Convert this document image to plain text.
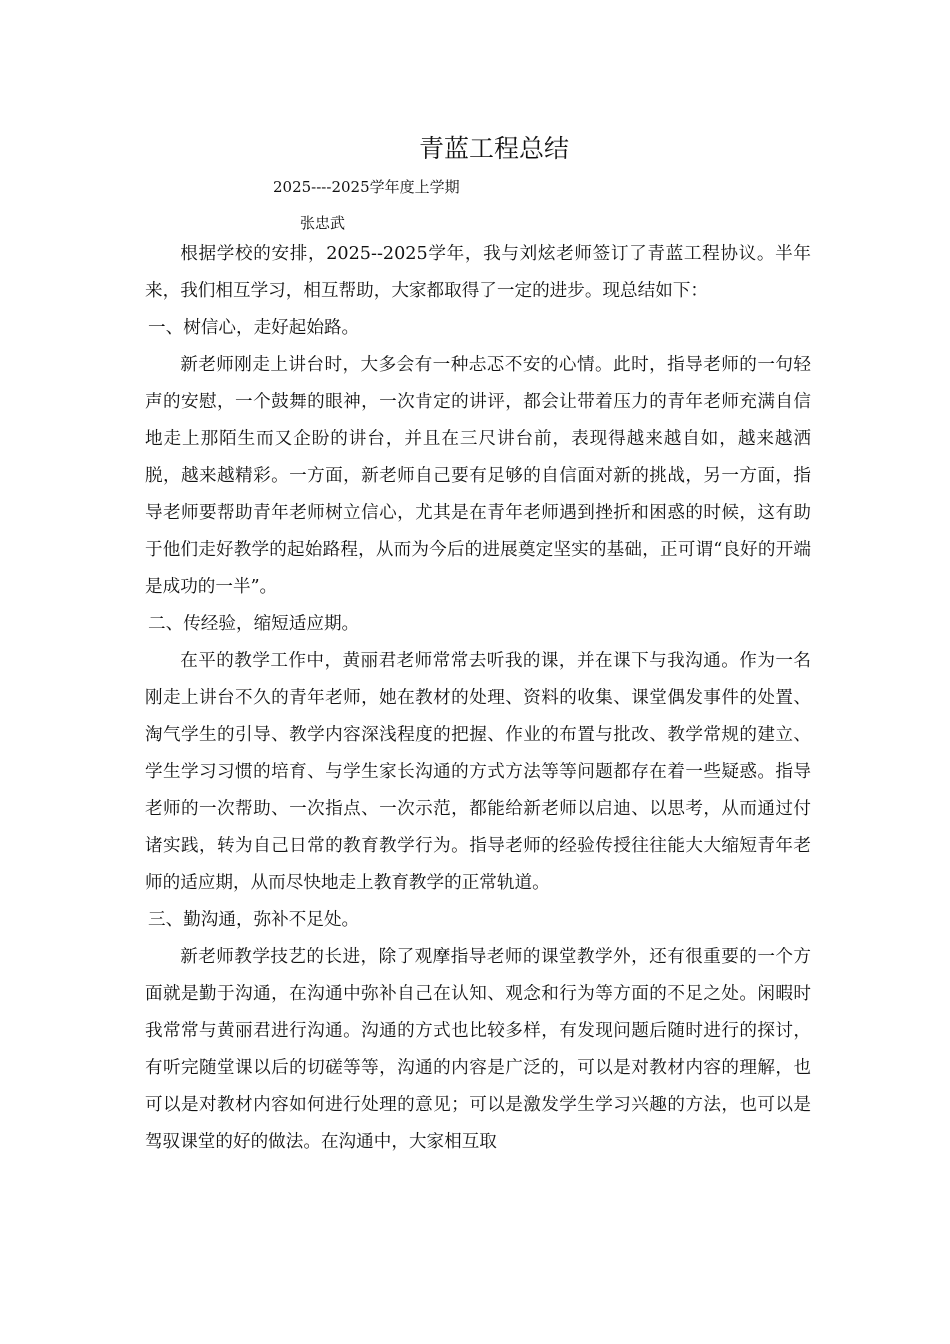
青蓝工程总结
2025----2025学年度上学期
张忠武

根据学校的安排，2025--2025学年，我与刘炫老师签订了青蓝工程协议。半年来，我们相互学习，相互帮助，大家都取得了一定的进步。现总结如下：

一、树信心，走好起始路。

新老师刚走上讲台时，大多会有一种忐忑不安的心情。此时，指导老师的一句轻声的安慰，一个鼓舞的眼神，一次肯定的讲评，都会让带着压力的青年老师充满自信地走上那陌生而又企盼的讲台，并且在三尺讲台前，表现得越来越自如，越来越洒脱，越来越精彩。一方面，新老师自己要有足够的自信面对新的挑战，另一方面，指导老师要帮助青年老师树立信心，尤其是在青年老师遇到挫折和困惑的时候，这有助于他们走好教学的起始路程，从而为今后的进展奠定坚实的基础，正可谓“良好的开端是成功的一半”。

二、传经验，缩短适应期。

在平的教学工作中，黄丽君老师常常去听我的课，并在课下与我沟通。作为一名刚走上讲台不久的青年老师，她在教材的处理、资料的收集、课堂偶发事件的处置、淘气学生的引导、教学内容深浅程度的把握、作业的布置与批改、教学常规的建立、学生学习习惯的培育、与学生家长沟通的方式方法等等问题都存在着一些疑惑。指导老师的一次帮助、一次指点、一次示范，都能给新老师以启迪、以思考，从而通过付诸实践，转为自己日常的教育教学行为。指导老师的经验传授往往能大大缩短青年老师的适应期，从而尽快地走上教育教学的正常轨道。

三、勤沟通，弥补不足处。

新老师教学技艺的长进，除了观摩指导老师的课堂教学外，还有很重要的一个方面就是勤于沟通，在沟通中弥补自己在认知、观念和行为等方面的不足之处。闲暇时我常常与黄丽君进行沟通。沟通的方式也比较多样，有发现问题后随时进行的探讨，有听完随堂课以后的切磋等等，沟通的内容是广泛的，可以是对教材内容的理解，也可以是对教材内容如何进行处理的意见；可以是激发学生学习兴趣的方法，也可以是驾驭课堂的好的做法。在沟通中，大家相互取
